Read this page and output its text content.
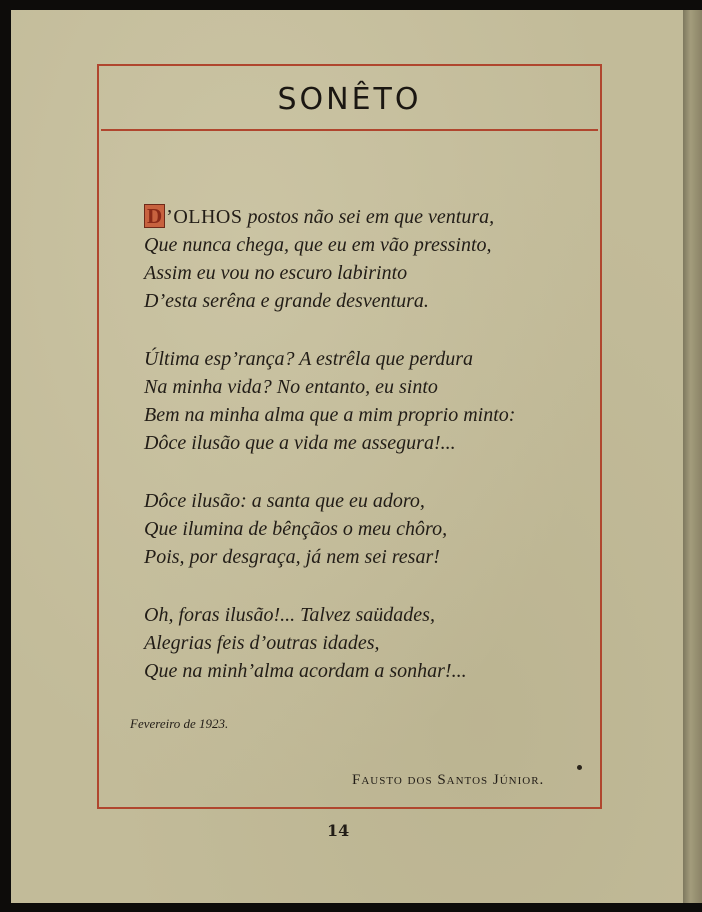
SONÊTO
D ’OLHOS postos não sei em que ventura,
Que nunca chega, que eu em vão pressinto,
Assim eu vou no escuro labirinto
D’esta serêna e grande desventura.
Última esp’rança? A estrêla que perdura
Na minha vida? No entanto, eu sinto
Bem na minha alma que a mim proprio minto:
Dôce ilusão que a vida me assegura!...
Dôce ilusão: a santa que eu adoro,
Que ilumina de bênçãos o meu chôro,
Pois, por desgraça, já nem sei resar!
Oh, foras ilusão!... Talvez saüdades,
Alegrias feis d’outras idades,
Que na minh’alma acordam a sonhar!...
Fevereiro de 1923.
Fausto dos Santos Júnior.
14
